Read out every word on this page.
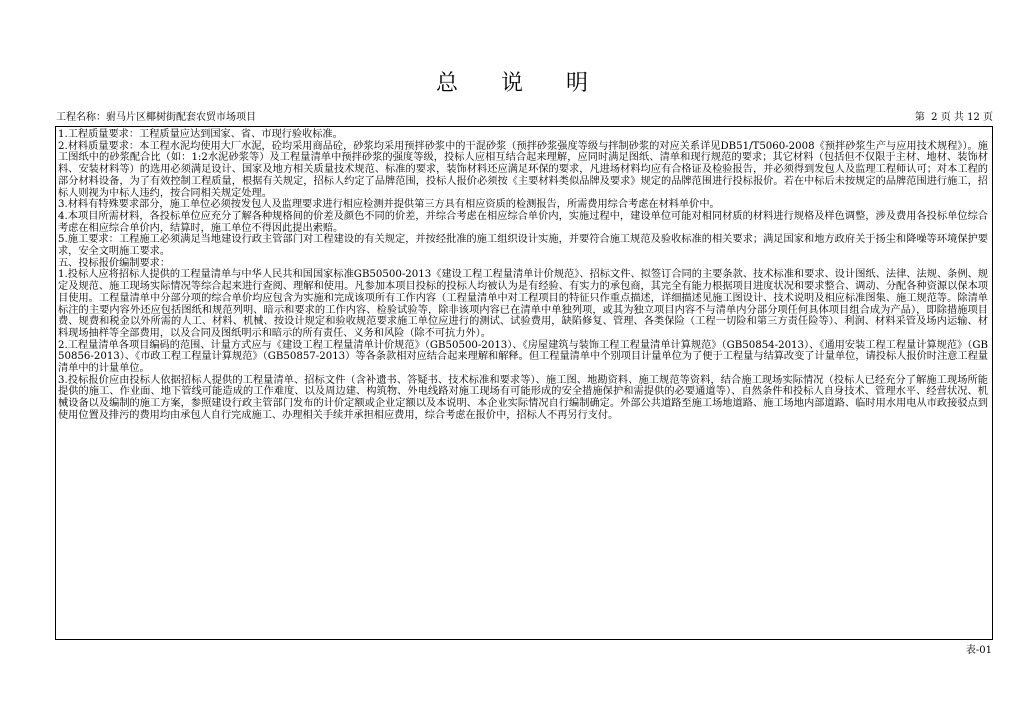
总 说 明
工程名称：驸马片区椰树街配套农贸市场项目	第  2 页 共 12 页

1.工程质量要求：工程质量应达到国家、省、市现行验收标准。

2.材料质量要求：本工程水泥均使用大厂水泥，砼均采用商品砼，砂浆均采用预拌砂浆中的干混砂浆（预拌砂浆强度等级与拌制砂浆的对应关系详见DB51/T5060-2008《预拌砂浆生产与应用技术规程》）。施工图纸中的砂浆配合比（如：1:2水泥砂浆等）及工程量清单中预拌砂浆的强度等级，投标人应相互结合起来理解，应同时满足图纸、清单和现行规范的要求；其它材料（包括但不仅限于主材、地材、装饰材料、安装材料等）的选用必须满足设计、国家及地方相关质量技术规范、标准的要求，装饰材料还应满足环保的要求，凡进场材料均应有合格证及检验报告，并必须得到发包人及监理工程师认可；对本工程的部分材料设备，为了有效控制工程质量，根据有关规定，招标人约定了品牌范围，投标人报价必须按《主要材料类似品牌及要求》规定的品牌范围进行投标报价。若在中标后未按规定的品牌范围进行施工，招标人则视为中标人违约，按合同相关规定处理。

3.材料有特殊要求部分，施工单位必须按发包人及监理要求进行相应检测并提供第三方具有相应资质的检测报告，所需费用综合考虑在材料单价中。

4.本项目所需材料，各投标单位应充分了解各种规格间的价差及颜色不同的价差，并综合考虑在相应综合单价内，实施过程中，建设单位可能对相同材质的材料进行规格及样色调整，涉及费用各投标单位综合考虑在相应综合单价内，结算时，施工单位不得因此提出索赔。

5.施工要求：工程施工必须满足当地建设行政主管部门对工程建设的有关规定，并按经批准的施工组织设计实施，并要符合施工规范及验收标准的相关要求；满足国家和地方政府关于扬尘和降噪等环境保护要求，安全文明施工要求。

五、投标报价编制要求：

1.投标人应将招标人提供的工程量清单与中华人民共和国国家标准GB50500-2013《建设工程工程量清单计价规范》、招标文件、拟签订合同的主要条款、技术标准和要求、设计图纸、法律、法规、条例、规定及规范、施工现场实际情况等综合起来进行查阅、理解和使用。凡参加本项目投标的投标人均被认为是有经验、有实力的承包商，其完全有能力根据项目进度状况和要求整合、调动、分配各种资源以保本项目使用。工程量清单中分部分项的综合单价均应包含为实施和完成该项所有工作内容（工程量清单中对工程项目的特征只作重点描述，详细描述见施工图设计、技术说明及相应标准图集、施工规范等。除清单标注的主要内容外还应包括图纸和规范列明、暗示和要求的工作内容、检验试验等，除非该项内容已在清单中单独列项，或其为独立项目内容不与清单内分部分项任何具体项目组合成为产品），即除措施项目费、规费和税金以外所需的人工、材料、机械、按设计规定和验收规范要求施工单位应进行的测试、试验费用，缺陷修复、管理、各类保险（工程一切险和第三方责任险等）、利润、材料采管及场内运输、材料现场抽样等全部费用，以及合同及图纸明示和暗示的所有责任、义务和风险（除不可抗力外）。

2.工程量清单各项目编码的范围、计量方式应与《建设工程工程量清单计价规范》（GB50500-2013）、《房屋建筑与装饰工程工程量清单计算规范》（GB50854-2013）、《通用安装工程工程量计算规范》（GB50856-2013）、《市政工程工程量计算规范》（GB50857-2013）等各条款相对应结合起来理解和解释。但工程量清单中个别项目计量单位为了便于工程量与结算改变了计量单位，请投标人报价时注意工程量清单中的计量单位。

3.投标报价应由投标人依据招标人提供的工程量清单、招标文件（含补遗书、答疑书、技术标准和要求等）、施工图、地勘资料、施工规范等资料，结合施工现场实际情况（投标人已经充分了解施工现场所能提供的施工、作业面、地下管线可能造成的工作难度、以及周边建、构筑物、外电线路对施工现场有可能形成的安全措施保护和需提供的必要通道等）、自然条件和投标人自身技术、管理水平、经营状况、机械设备以及编制的施工方案，参照建设行政主管部门发布的计价定额或企业定额以及本说明、本企业实际情况自行编制确定。外部公共道路至施工场地道路、施工场地内部道路、临时用水用电从市政接驳点到使用位置及排污的费用均由承包人自行完成施工、办理相关手续并承担相应费用，综合考虑在报价中，招标人不再另行支付。

表-01
